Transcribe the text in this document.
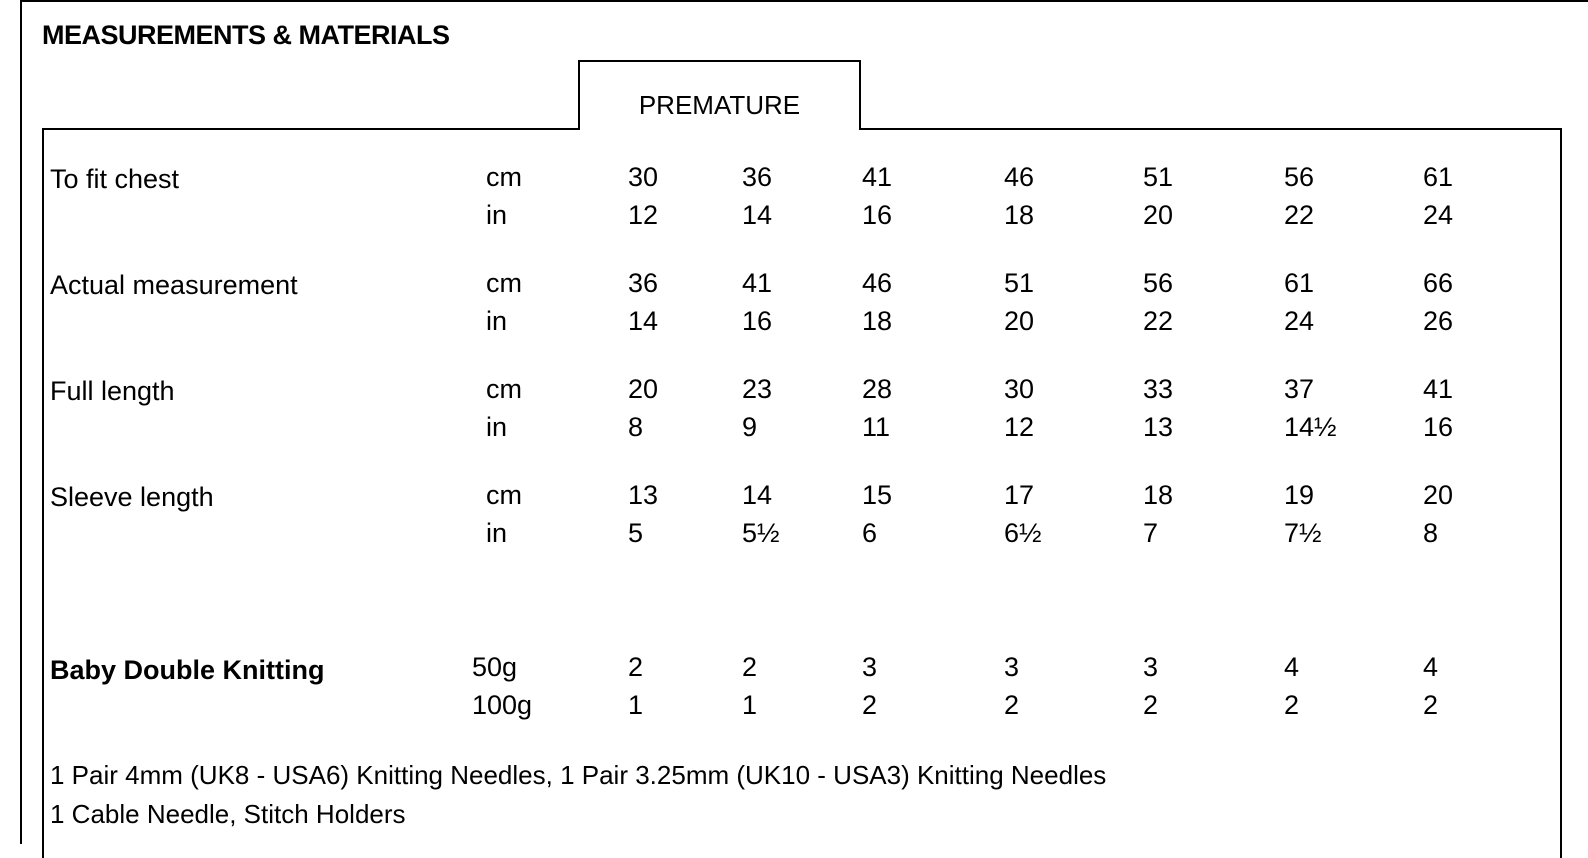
MEASUREMENTS & MATERIALS
PREMATURE
To fit chest	cm	30	36	41	46	51	56	61
in	12	14	16	18	20	22	24
Actual measurement	cm	36	41	46	51	56	61	66
in	14	16	18	20	22	24	26
Full length	cm	20	23	28	30	33	37	41
in	8	9	11	12	13	14½	16
Sleeve length	cm	13	14	15	17	18	19	20
in	5	5½	6	6½	7	7½	8
Baby Double Knitting	50g	2	2	3	3	3	4	4
100g	1	1	2	2	2	2	2
1 Pair 4mm (UK8 - USA6) Knitting Needles, 1 Pair 3.25mm (UK10 - USA3) Knitting Needles
1 Cable Needle, Stitch Holders
